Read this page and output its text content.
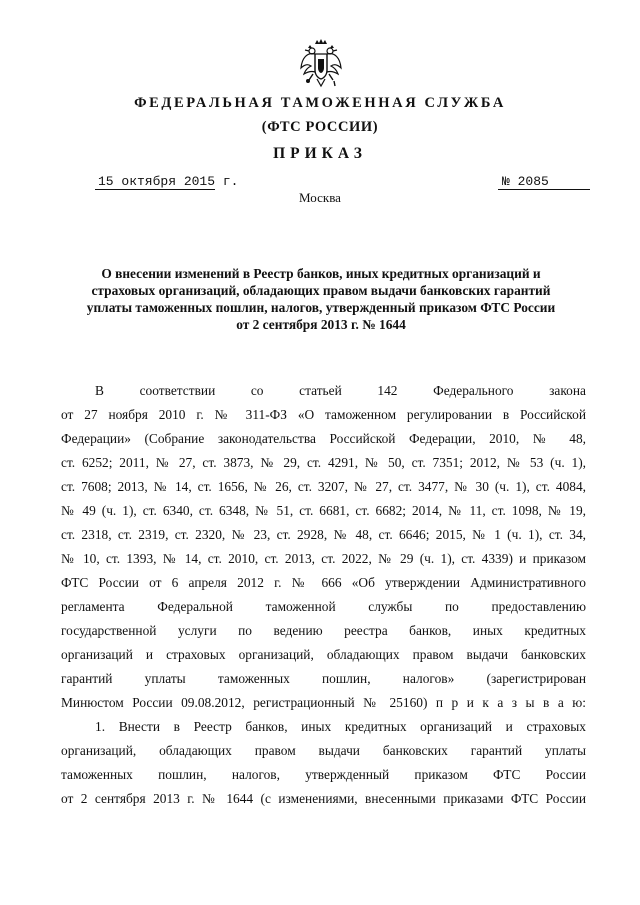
ФЕДЕРАЛЬНАЯ ТАМОЖЕННАЯ СЛУЖБА
(ФТС РОССИИ)
ПРИКАЗ
15 октября 2015 г.	№ 2085
Москва
О внесении изменений в Реестр банков, иных кредитных организаций и
страховых организаций, обладающих правом выдачи банковских гарантий
уплаты таможенных пошлин, налогов, утвержденный приказом ФТС России
от 2 сентября 2013 г. № 1644
В соответствии со статьей 142 Федерального закона
от 27 ноября 2010 г. № 311-ФЗ «О таможенном регулировании в Российской
Федерации» (Собрание законодательства Российской Федерации, 2010, № 48,
ст. 6252; 2011, № 27, ст. 3873, № 29, ст. 4291, № 50, ст. 7351; 2012, № 53 (ч. 1),
ст. 7608; 2013, № 14, ст. 1656, № 26, ст. 3207, № 27, ст. 3477, № 30 (ч. 1), ст. 4084,
№ 49 (ч. 1), ст. 6340, ст. 6348, № 51, ст. 6681, ст. 6682; 2014, № 11, ст. 1098, № 19,
ст. 2318, ст. 2319, ст. 2320, № 23, ст. 2928, № 48, ст. 6646; 2015, № 1 (ч. 1), ст. 34,
№ 10, ст. 1393, № 14, ст. 2010, ст. 2013, ст. 2022, № 29 (ч. 1), ст. 4339) и приказом
ФТС России от 6 апреля 2012 г. № 666 «Об утверждении Административного
регламента Федеральной таможенной службы по предоставлению
государственной услуги по ведению реестра банков, иных кредитных
организаций и страховых организаций, обладающих правом выдачи банковских
гарантий уплаты таможенных пошлин, налогов» (зарегистрирован
Минюстом России 09.08.2012, регистрационный № 25160) п р и к а з ы в а ю:
1. Внести в Реестр банков, иных кредитных организаций и страховых
организаций, обладающих правом выдачи банковских гарантий уплаты
таможенных пошлин, налогов, утвержденный приказом ФТС России
от 2 сентября 2013 г. № 1644 (с изменениями, внесенными приказами ФТС России
